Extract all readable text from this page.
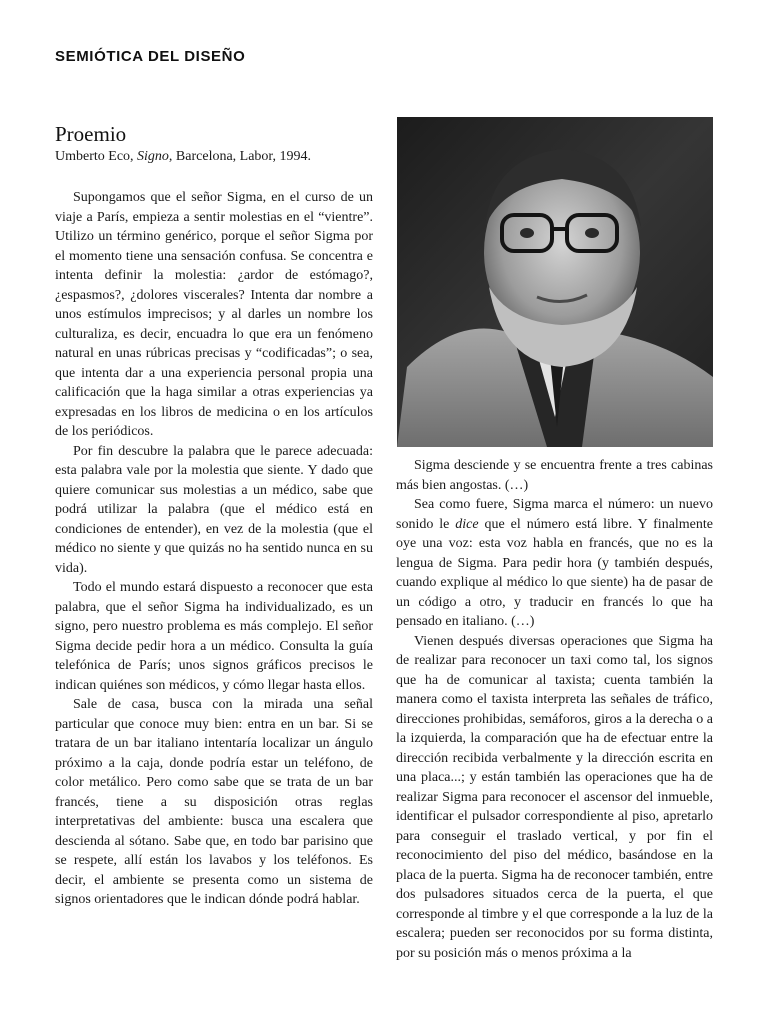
SEMIÓTICA DEL DISEÑO
Proemio
Umberto Eco, Signo, Barcelona, Labor, 1994.

Supongamos que el señor Sigma, en el curso de un viaje a París, empieza a sentir molestias en el “vientre”. Utilizo un término genérico, porque el señor Sigma por el momento tiene una sensación confusa. Se concentra e intenta definir la molestia: ¿ardor de estómago?, ¿espasmos?, ¿dolores viscerales? Intenta dar nombre a unos estímulos imprecisos; y al darles un nombre los culturaliza, es decir, encuadra lo que era un fenómeno natural en unas rúbricas precisas y “codificadas”; o sea, que intenta dar a una experiencia personal propia una calificación que la haga similar a otras experiencias ya expresadas en los libros de medicina o en los artículos de los periódicos.

Por fin descubre la palabra que le parece adecuada: esta palabra vale por la molestia que siente. Y dado que quiere comunicar sus molestias a un médico, sabe que podrá utilizar la palabra (que el médico está en condiciones de entender), en vez de la molestia (que el médico no siente y que quizás no ha sentido nunca en su vida).

Todo el mundo estará dispuesto a reconocer que esta palabra, que el señor Sigma ha individualizado, es un signo, pero nuestro problema es más complejo. El señor Sigma decide pedir hora a un médico. Consulta la guía telefónica de París; unos signos gráficos precisos le indican quiénes son médicos, y cómo llegar hasta ellos.

Sale de casa, busca con la mirada una señal particular que conoce muy bien: entra en un bar. Si se tratara de un bar italiano intentaría localizar un ángulo próximo a la caja, donde podría estar un teléfono, de color metálico. Pero como sabe que se trata de un bar francés, tiene a su disposición otras reglas interpretativas del ambiente: busca una escalera que descienda al sótano. Sabe que, en todo bar parisino que se respete, allí están los lavabos y los teléfonos. Es decir, el ambiente se presenta como un sistema de signos orientadores que le indican dónde podrá hablar.

Sigma desciende y se encuentra frente a tres cabinas más bien angostas. (…)

Sea como fuere, Sigma marca el número: un nuevo sonido le dice que el número está libre. Y finalmente oye una voz: esta voz habla en francés, que no es la lengua de Sigma. Para pedir hora (y también después, cuando explique al médico lo que siente) ha de pasar de un código a otro, y traducir en francés lo que ha pensado en italiano. (…)

Vienen después diversas operaciones que Sigma ha de realizar para reconocer un taxi como tal, los signos que ha de comunicar al taxista; cuenta también la manera como el taxista interpreta las señales de tráfico, direcciones prohibidas, semáforos, giros a la derecha o a la izquierda, la comparación que ha de efectuar entre la dirección recibida verbalmente y la dirección escrita en una placa...; y están también las operaciones que ha de realizar Sigma para reconocer el ascensor del inmueble, identificar el pulsador correspondiente al piso, apretarlo para conseguir el traslado vertical, y por fin el reconocimiento del piso del médico, basándose en la placa de la puerta. Sigma ha de reconocer también, entre dos pulsadores situados cerca de la puerta, el que corresponde al timbre y el que corresponde a la luz de la escalera; pueden ser reconocidos por su forma distinta, por su posición más o menos próxima a la
